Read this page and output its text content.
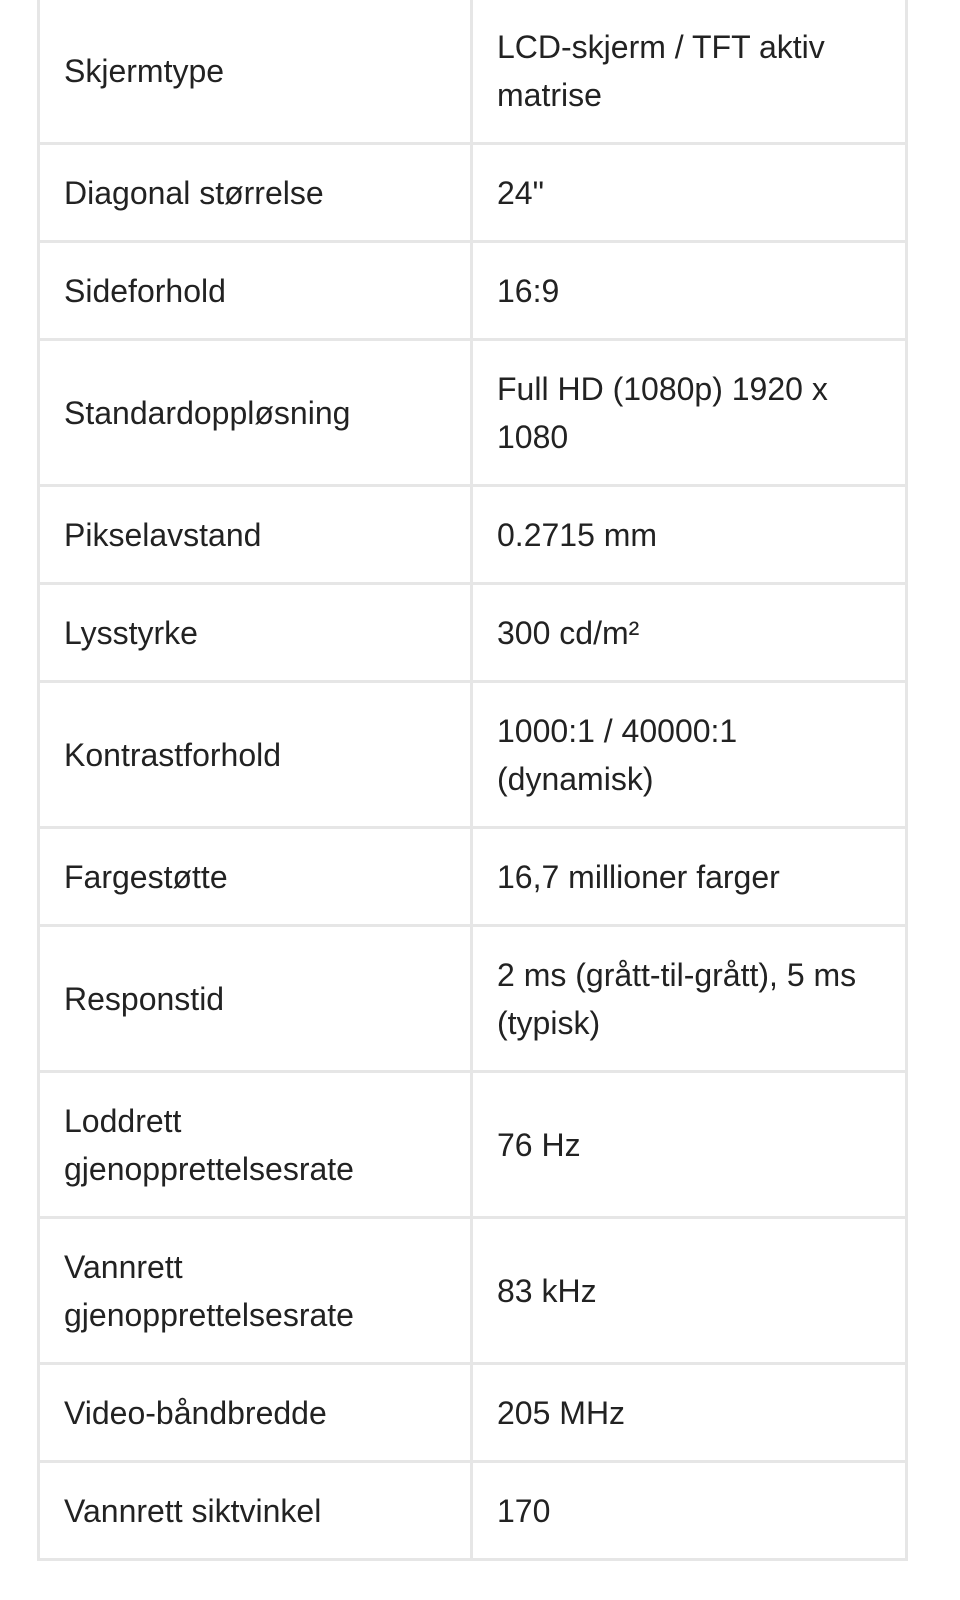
Skjermtype	LCD-skjerm / TFT aktiv matrise
Diagonal størrelse	24"
Sideforhold	16:9
Standardoppløsning	Full HD (1080p) 1920 x 1080
Pikselavstand	0.2715 mm
Lysstyrke	300 cd/m²
Kontrastforhold	1000:1 / 40000:1 (dynamisk)
Fargestøtte	16,7 millioner farger
Responstid	2 ms (grått-til-grått), 5 ms (typisk)
Loddrett gjenopprettelsesrate	76 Hz
Vannrett gjenopprettelsesrate	83 kHz
Video-båndbredde	205 MHz
Vannrett siktvinkel	170
